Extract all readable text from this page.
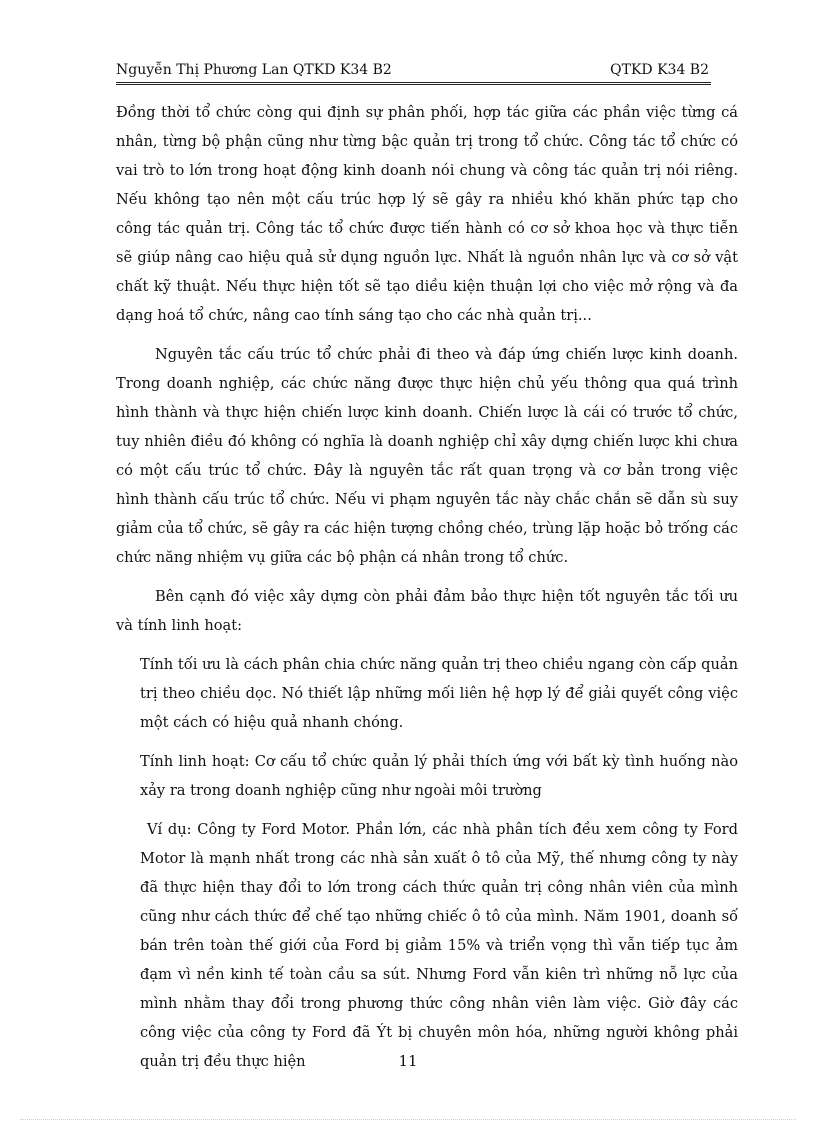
Nguyễn Thị Phương Lan QTKD K34 B2	QTKD K34 B2

Đồng thời tổ chức còng qui định sự phân phối, hợp tác giữa các phần việc từng cá nhân, từng bộ phận cũng như từng bậc quản trị trong tổ chức. Công tác tổ chức có vai trò to lớn trong hoạt động kinh doanh nói chung và công tác quản trị nói riêng. Nếu không tạo nên một cấu trúc hợp lý sẽ gây ra nhiều khó khăn phức tạp cho công tác quản trị. Công tác tổ chức được tiến hành có cơ sở khoa học và thực tiễn sẽ giúp nâng cao hiệu quả sử dụng nguồn lực. Nhất là nguồn nhân lực và cơ sở vật chất kỹ thuật. Nếu thực hiện tốt sẽ tạo diều kiện thuận lợi cho việc mở rộng và đa dạng hoá tổ chức, nâng cao tính sáng tạo cho các nhà quản trị...

Nguyên tắc cấu trúc tổ chức phải đi theo và đáp ứng chiến lược kinh doanh. Trong doanh nghiệp, các chức năng được thực hiện chủ yếu thông qua quá trình hình thành và thực hiện chiến lược kinh doanh. Chiến lược là cái có trước tổ chức, tuy nhiên điều đó không có nghĩa là doanh nghiệp chỉ xây dựng chiến lược khi chưa có một cấu trúc tổ chức. Đây là nguyên tắc rất quan trọng và cơ bản trong việc hình thành cấu trúc tổ chức. Nếu vi phạm nguyên tắc này chắc chắn sẽ dẫn sù suy giảm của tổ chức, sẽ gây ra các hiện tượng chồng chéo, trùng lặp hoặc bỏ trống các chức năng nhiệm vụ giữa các bộ phận cá nhân trong tổ chức.

Bên cạnh đó việc xây dựng còn phải đảm bảo thực hiện tốt nguyên tắc tối ưu và tính linh hoạt:

Tính tối ưu là cách phân chia chức năng quản trị theo chiều ngang còn cấp quản trị theo chiều dọc. Nó thiết lập những mối liên hệ hợp lý để giải quyết công việc một cách có hiệu quả nhanh chóng.

Tính linh hoạt: Cơ cấu tổ chức quản lý phải thích ứng với bất kỳ tình huống nào xảy ra trong doanh nghiệp cũng như ngoài môi trường

Ví dụ: Công ty Ford Motor. Phần lớn, các nhà phân tích đều xem công ty Ford Motor là mạnh nhất trong các nhà sản xuất ô tô của Mỹ, thế nhưng công ty này đã thực hiện thay đổi to lớn trong cách thức quản trị công nhân viên của mình cũng như cách thức để chế tạo những chiếc ô tô của mình. Năm 1901, doanh số bán trên toàn thế giới của Ford bị giảm 15% và triển vọng thì vẫn tiếp tục ảm đạm vì nền kinh tế toàn cầu sa sút. Nhưng Ford vẫn kiên trì những nỗ lực của mình nhằm thay đổi trong phương thức công nhân viên làm việc. Giờ đây các công việc của công ty Ford đã Ýt bị chuyên môn hóa, những người không phải quản trị đều thực hiện	11
